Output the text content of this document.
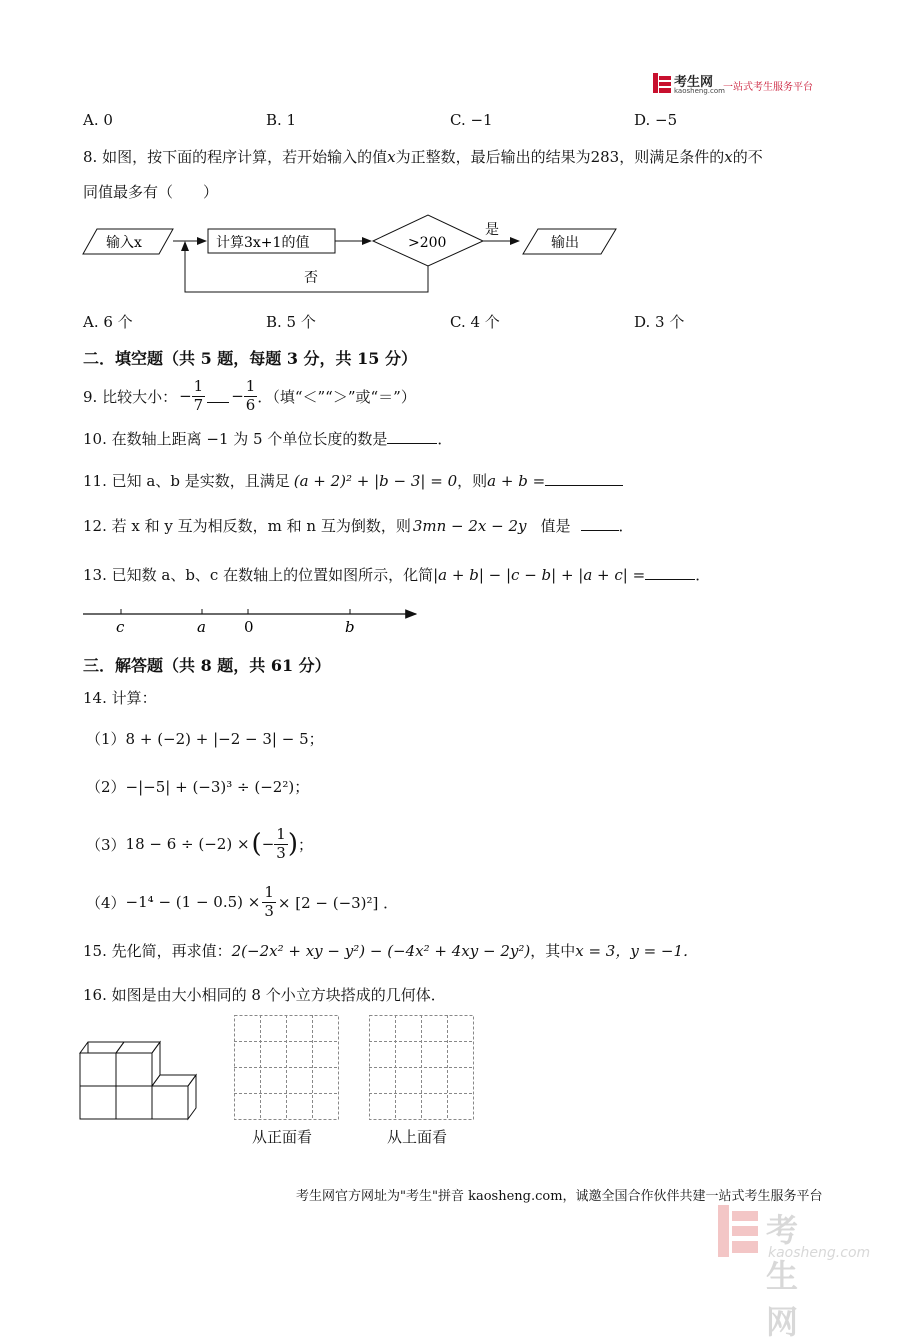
考生网
kaosheng.com
一站式考生服务平台
A. 0	B. 1	C. −1	D. −5
8. 如图，按下面的程序计算，若开始输入的值x为正整数，最后输出的结果为283，则满足条件的x的不
同值最多有（　　）
输入x	计算3x+1的值	>200
是
输出
否
A. 6 个	B. 5 个	C. 4 个	D. 3 个
二．填空题（共 5 题，每题 3 分，共 15 分）
9. 比较大小： − $\frac{1}{7} - \frac{1}{6}$ ．（填“＜”“＞”或“＝”）
10. 在数轴上距离 −1 为 5 个单位长度的数是	．
11. 已知 a、b 是实数，且满足 (a + 2)² + |b − 3| = 0，则a + b =
12. 若 x 和 y 互为相反数，m 和 n 互为倒数，则 3mn − 2x − 2y 值是	．
13. 已知数 a、b、c 在数轴上的位置如图所示，化简|a + b| − |c − b| + |a + c| =	．
c	a	0	b
三．解答题（共 8 题，共 61 分）
14. 计算：
（1）8 + (−2) + |−2 − 3| − 5；
（2）−|−5| + (−3)³ ÷ (−2²)；
（3） 18 − 6 ÷ (−2) × ( − $\frac{1}{3}$ ) ；
$(4) -1^4 - (1 - 0.5) \times \frac{1}{3} \times [2 - (-3)^2]$ ．
15. 先化简，再求值：2(−2x² + xy − y²) − (−4x² + 4xy − 2y²)，其中x = 3，y = −1．
16. 如图是由大小相同的 8 个小立方块搭成的几何体．
从正面看	从上面看
考生网官方网址为"考生"拼音 kaosheng.com，诚邀全国合作伙伴共建一站式考生服务平台
考生网
kaosheng.com
